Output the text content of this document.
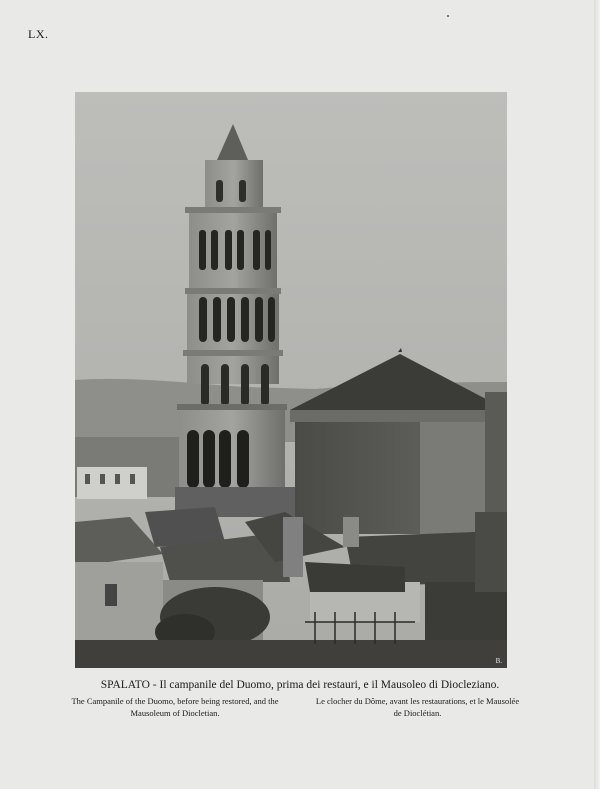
LX.
B.
SPALATO - Il campanile del Duomo, prima dei restauri, e il Mausoleo di Diocleziano.
The Campanile of the Duomo, before being restored, and the
Mausoleum of Diocletian.
Le clocher du Dôme, avant les restaurations, et le Mausolée
de Dioclétian.
